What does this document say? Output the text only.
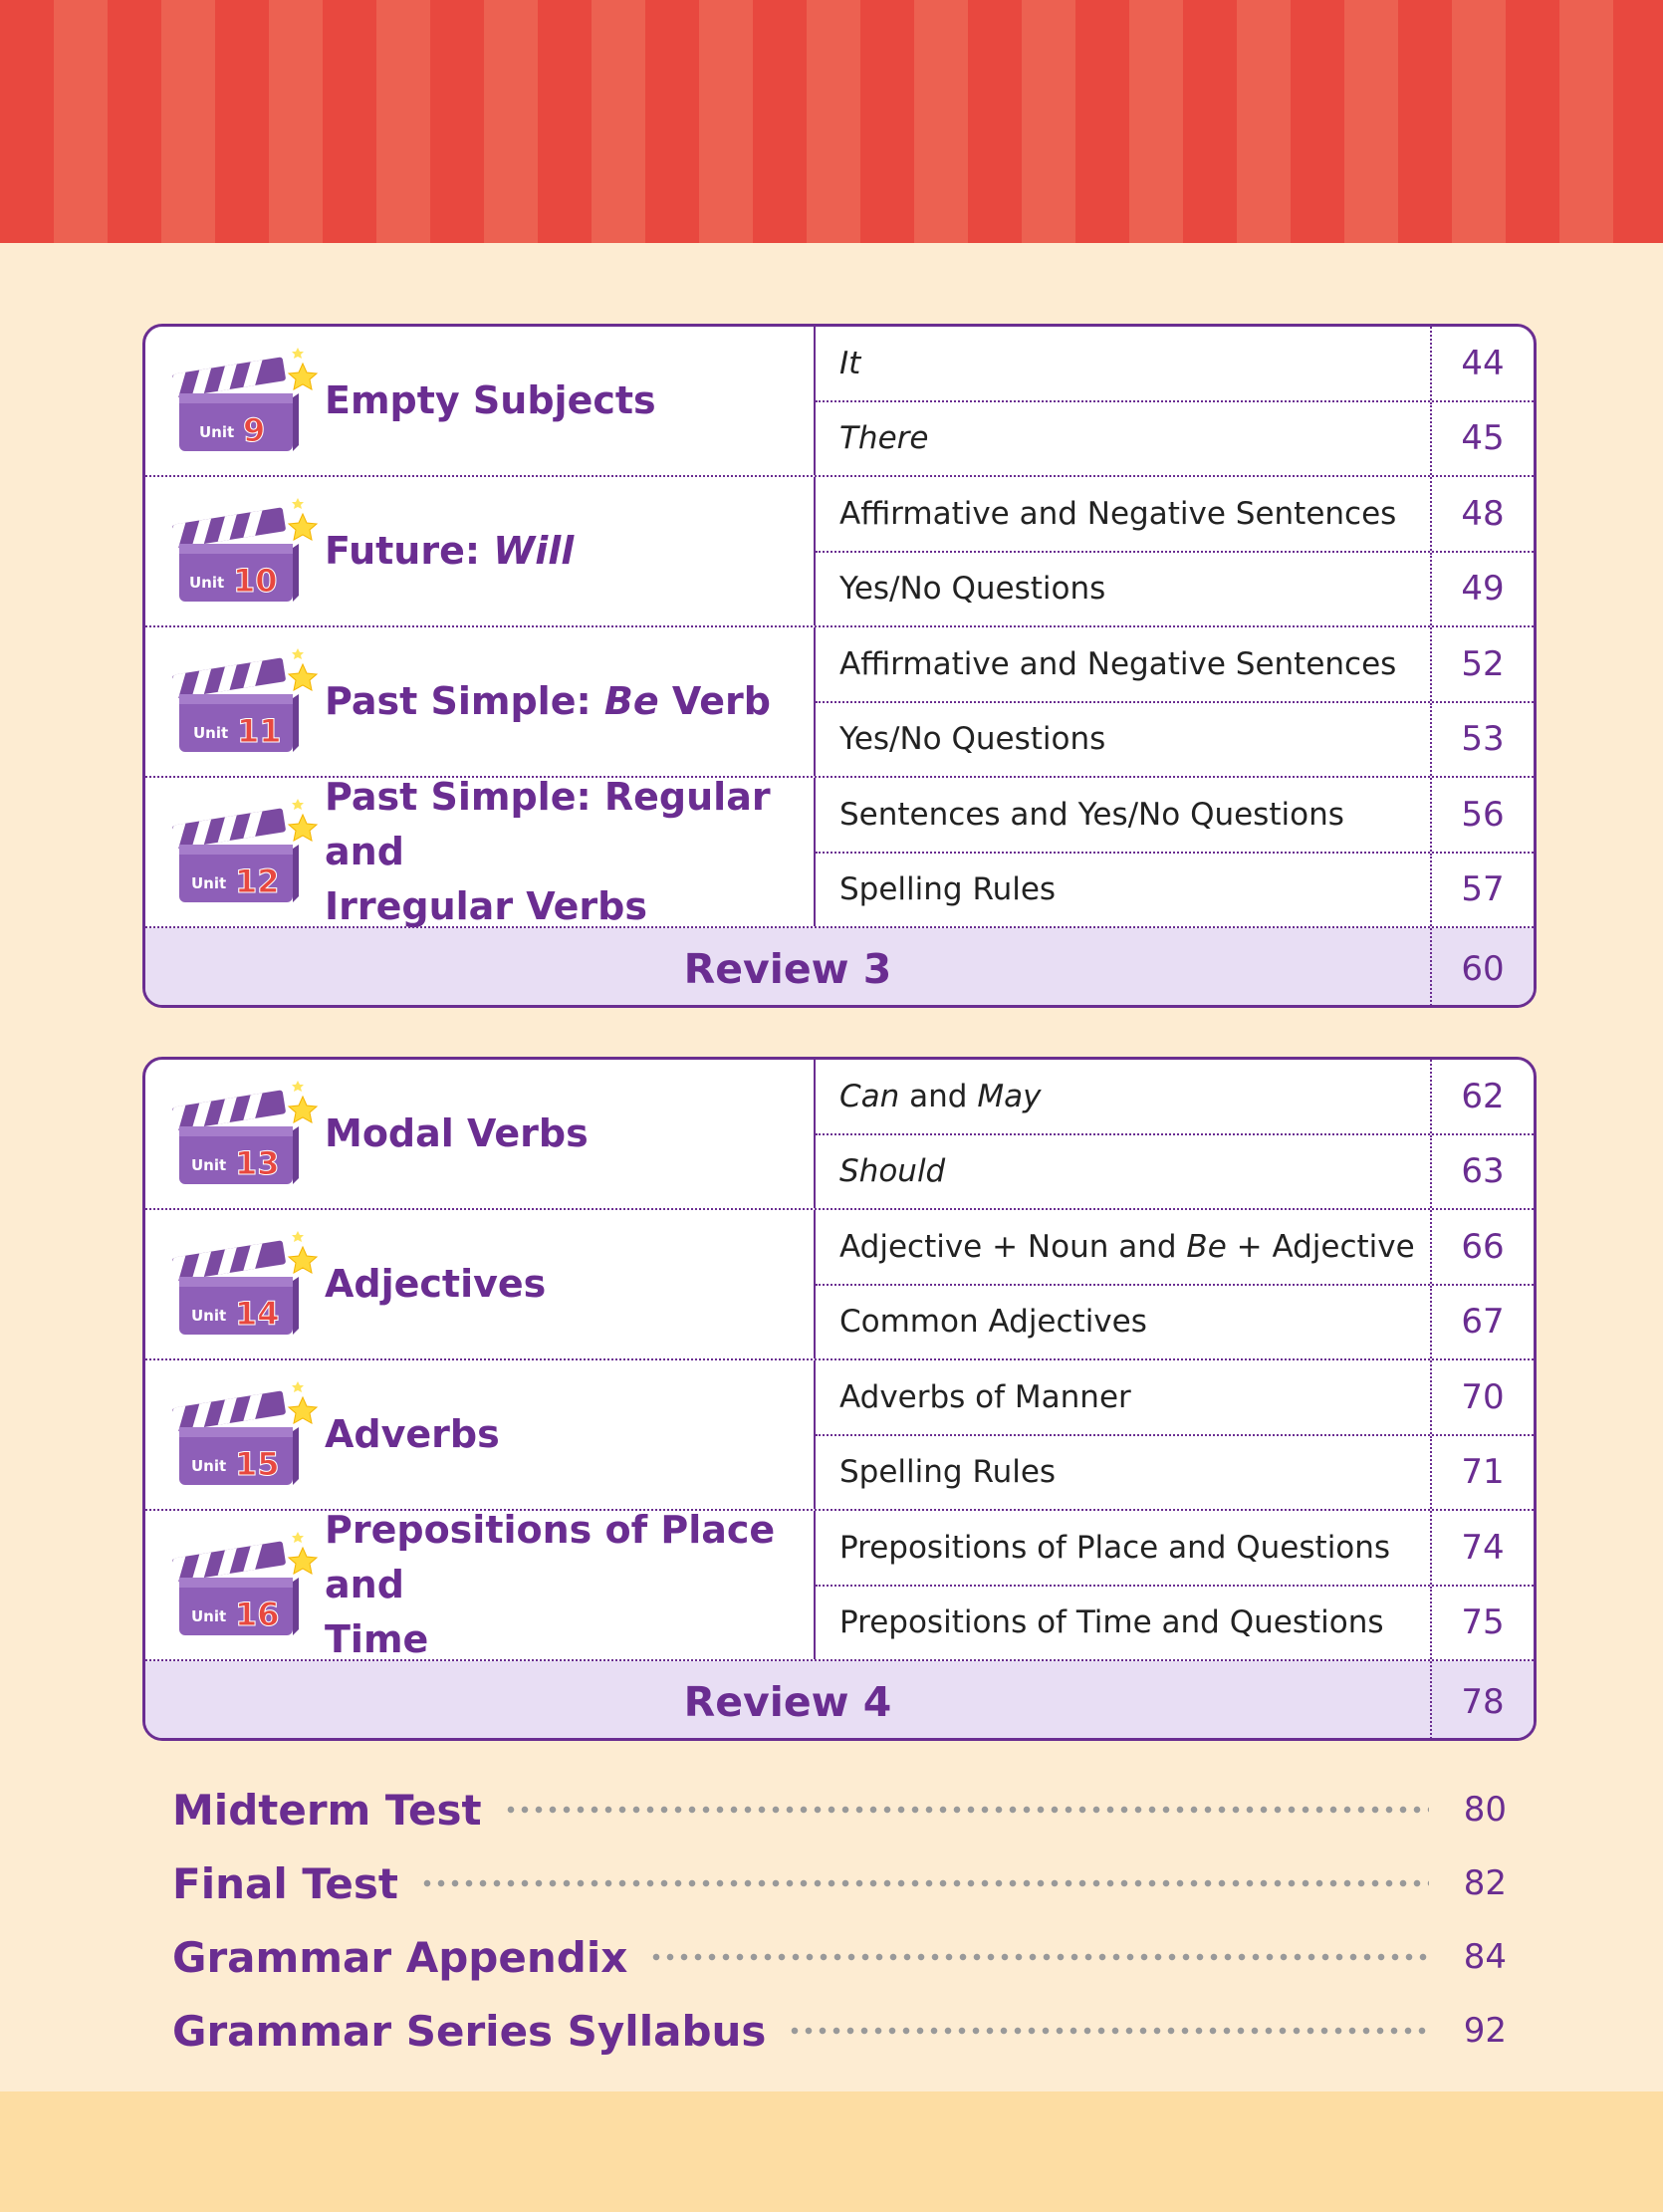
Unit 9
Empty Subjects
It	44
There	45
Unit 10
Future: Will
Affirmative and Negative Sentences	48
Yes/No Questions	49
Unit 11
Past Simple: Be Verb
Affirmative and Negative Sentences	52
Yes/No Questions	53
Unit 12
Past Simple: Regular and
Irregular Verbs
Sentences and Yes/No Questions	56
Spelling Rules	57
Review 3	60
Unit 13
Modal Verbs
Can and May	62
Should	63
Unit 14
Adjectives
Adjective + Noun and Be + Adjective	66
Common Adjectives	67
Unit 15
Adverbs
Adverbs of Manner	70
Spelling Rules	71
Unit 16
Prepositions of Place and
Time
Prepositions of Place and Questions	74
Prepositions of Time and Questions	75
Review 4	78
Midterm Test	80
Final Test	82
Grammar Appendix	84
Grammar Series Syllabus	92
